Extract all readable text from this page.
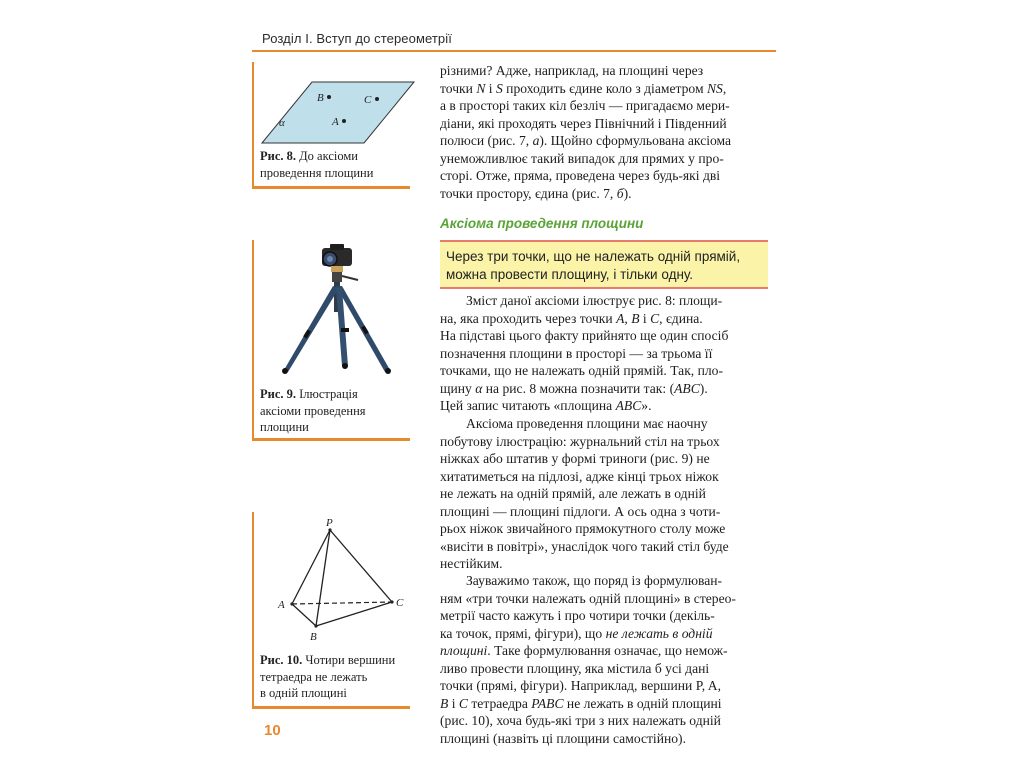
Розділ І. Вступ до стереометрії
B	C
A
α
Рис. 8. До аксіоми
проведення площини
Рис. 9. Ілюстрація
аксіоми проведення
площини
P
A
B
C
Рис. 10. Чотири вершини
тетраедра не лежать
в одній площині

різними? Адже, наприклад, на площині через

точки N і S проходить єдине коло з діаметром NS,

а в просторі таких кіл безліч — пригадаємо мери-

діани, які проходять через Північний і Південний

полюси (рис. 7, а). Щойно сформульована аксіома

унеможливлює такий випадок для прямих у про-

сторі. Отже, пряма, проведена через будь-які дві

точки простору, єдина (рис. 7, б).

Аксіома проведення площини
Через три точки, що не належать одній прямій,
можна провести площину, і тільки одну.

Зміст даної аксіоми ілюструє рис. 8: площи-

на, яка проходить через точки A, B і C, єдина.

На підставі цього факту прийнято ще один спосіб

позначення площини в просторі — за трьома її

точками, що не належать одній прямій. Так, пло-

щину α на рис. 8 можна позначити так: (ABC).

Цей запис читають «площина ABC».

Аксіома проведення площини має наочну

побутову ілюстрацію: журнальний стіл на трьох

ніжках або штатив у формі триноги (рис. 9) не

хитатиметься на підлозі, адже кінці трьох ніжок

не лежать на одній прямій, але лежать в одній

площині — площині підлоги. А ось одна з чоти-

рьох ніжок звичайного прямокутного столу може

«висіти в повітрі», унаслідок чого такий стіл буде

нестійким.

Зауважимо також, що поряд із формулюван-

ням «три точки належать одній площині» в стерео-

метрії часто кажуть і про чотири точки (декіль-

ка точок, прямі, фігури), що не лежать в одній

площині. Таке формулювання означає, що немож-

ливо провести площину, яка містила б усі дані

точки (прямі, фігури). Наприклад, вершини P, A,

B і C тетраедра PABC не лежать в одній площині

(рис. 10), хоча будь-які три з них належать одній

площині (назвіть ці площини самостійно).

10
